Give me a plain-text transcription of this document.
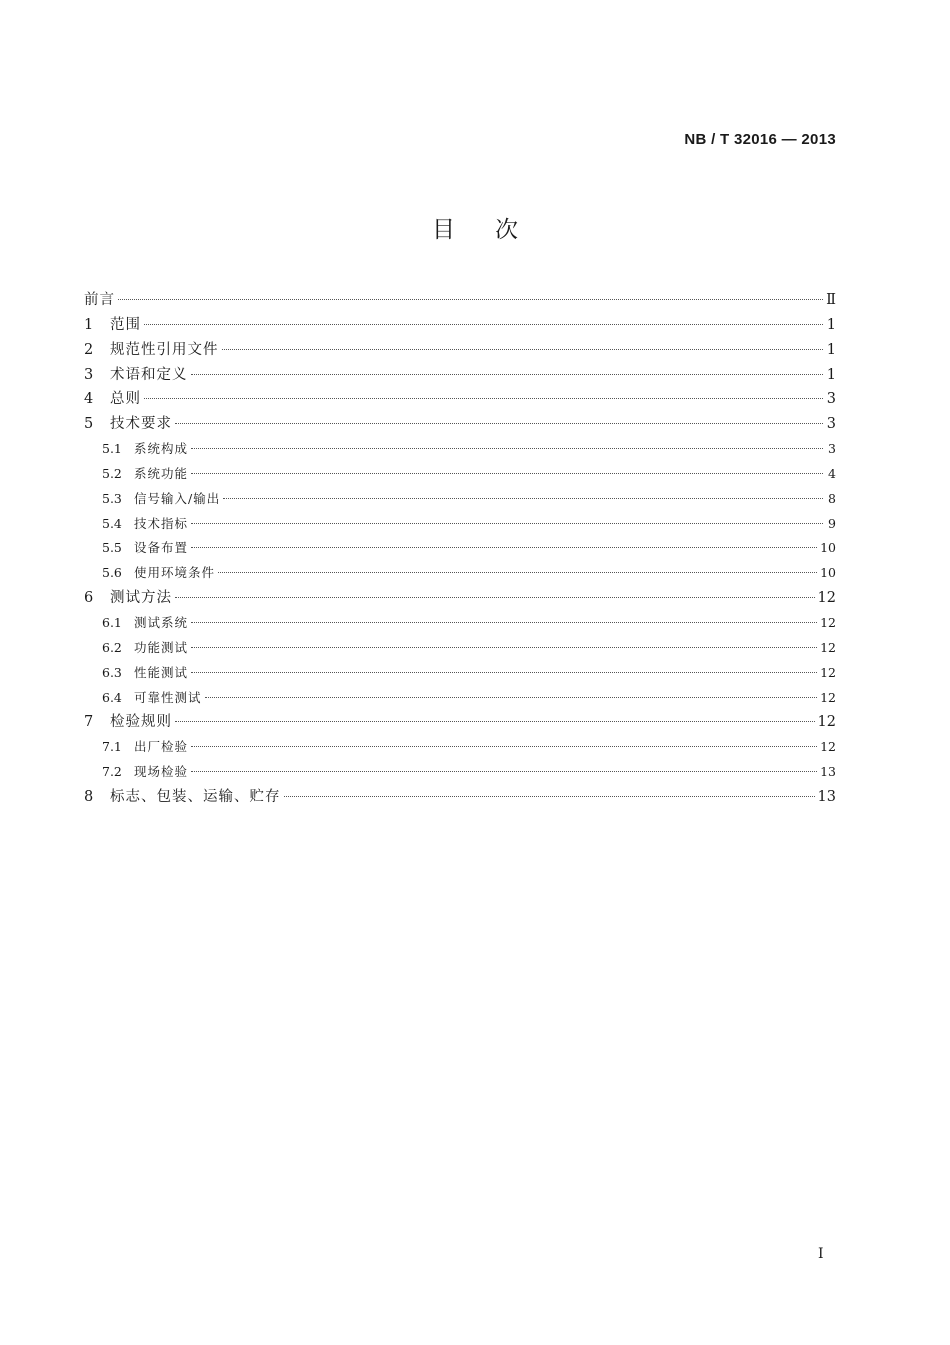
NB / T 32016 — 2013
目次
前言	Ⅱ
1	范围	1
2	规范性引用文件	1
3	术语和定义	1
4	总则	3
5	技术要求	3
5.1 系统构成	3
5.2 系统功能	4
5.3 信号输入/输出	8
5.4 技术指标	9
5.5 设备布置	10
5.6 使用环境条件	10
6	测试方法	12
6.1 测试系统	12
6.2 功能测试	12
6.3 性能测试	12
6.4 可靠性测试	12
7	检验规则	12
7.1 出厂检验	12
7.2 现场检验	13
8	标志、包装、运输、贮存	13
I
